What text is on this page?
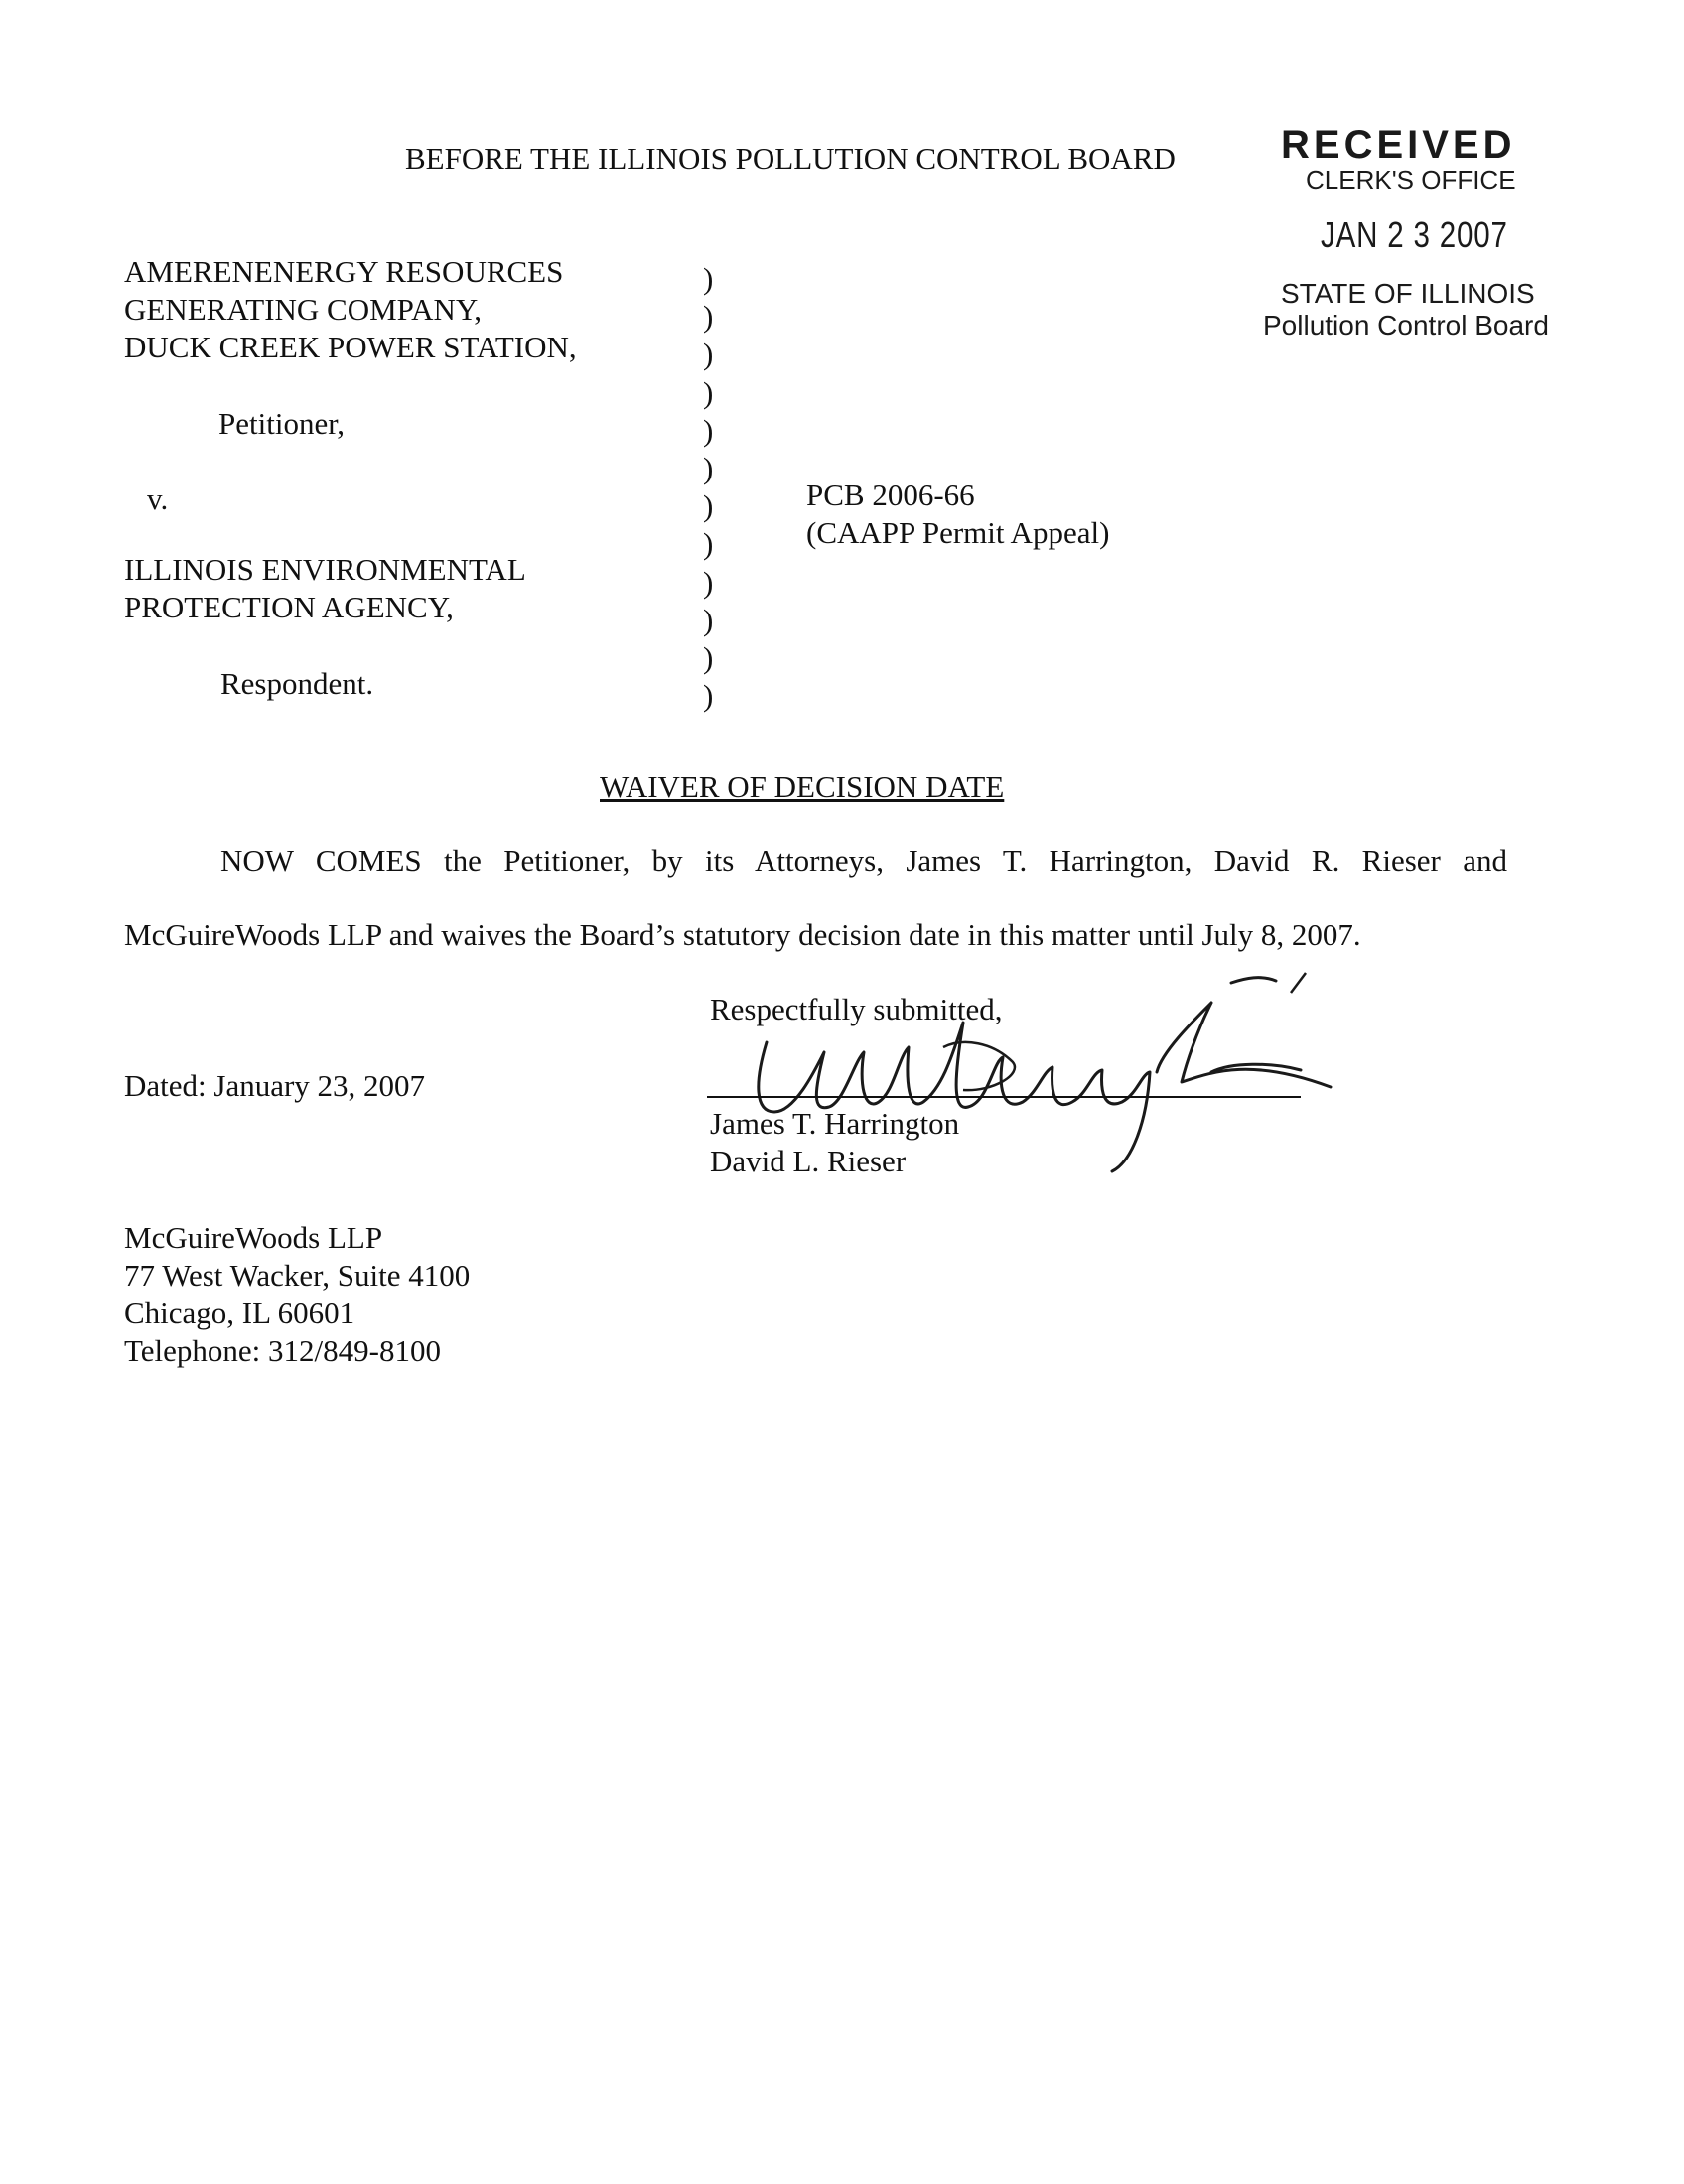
BEFORE THE ILLINOIS POLLUTION CONTROL BOARD	RECEIVED
CLERK'S OFFICE
JAN 2 3 2007
STATE OF ILLINOIS
Pollution Control Board
AMERENENERGY RESOURCES
GENERATING COMPANY,
DUCK CREEK POWER STATION,
Petitioner,
v.
ILLINOIS ENVIRONMENTAL
PROTECTION AGENCY,
Respondent.
)
)
)
)
)
)
)
)
)
)
)
)
PCB 2006-66
(CAAPP Permit Appeal)
WAIVER OF DECISION DATE
NOW COMES the Petitioner, by its Attorneys, James T. Harrington, David R. Rieser and
McGuireWoods LLP and waives the Board’s statutory decision date in this matter until July 8, 2007.
Respectfully submitted,
Dated: January 23, 2007
James T. Harrington
David L. Rieser
McGuireWoods LLP
77 West Wacker, Suite 4100
Chicago, IL 60601
Telephone: 312/849-8100
